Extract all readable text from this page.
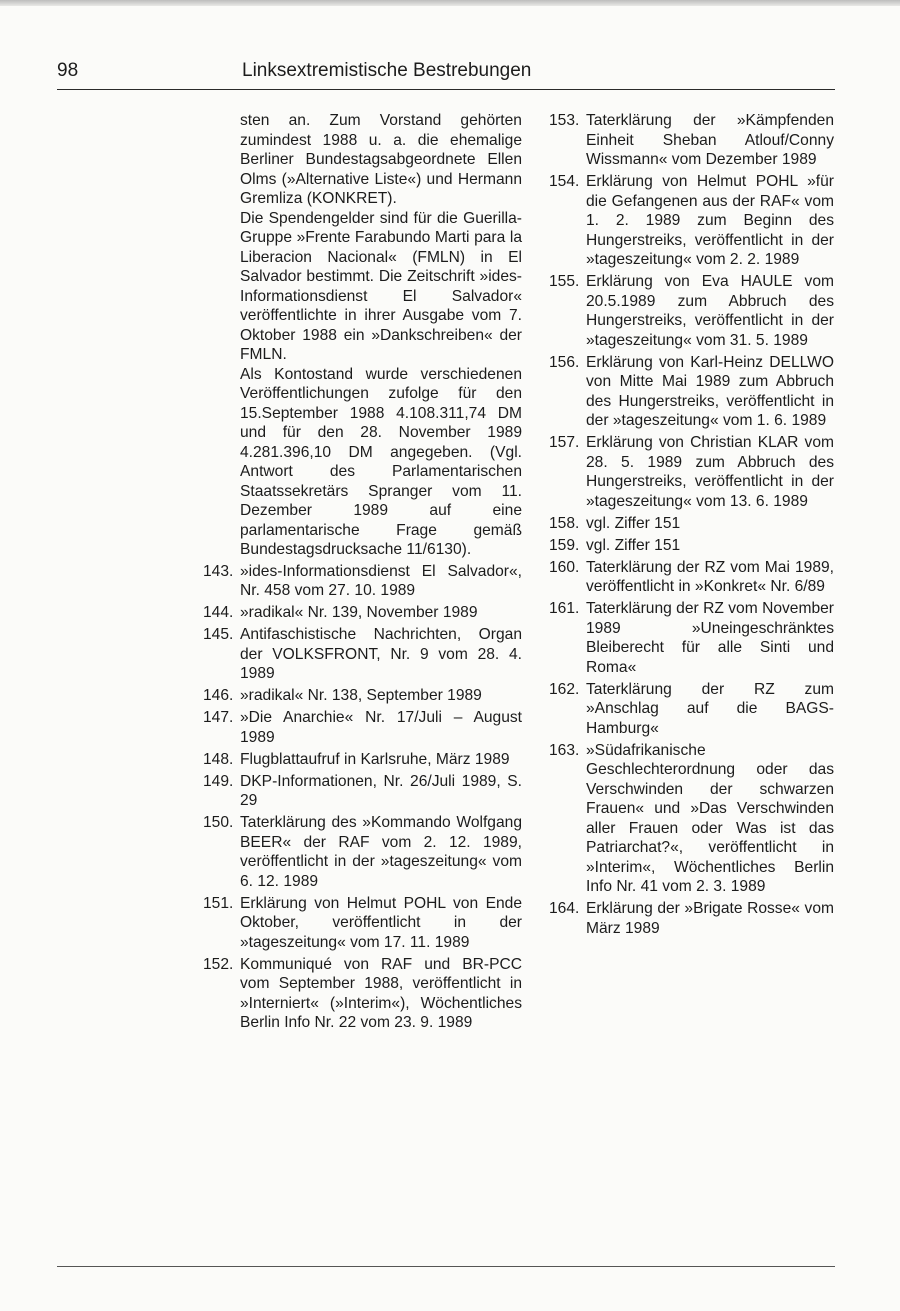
98	Linksextremistische Bestrebungen

sten an. Zum Vorstand gehörten zumindest 1988 u. a. die ehemalige Berliner Bundestagsabgeordnete Ellen Olms (»Alternative Liste«) und Hermann Gremliza (KONKRET).

Die Spendengelder sind für die Guerilla-Gruppe »Frente Farabundo Marti para la Liberacion Nacional« (FMLN) in El Salvador bestimmt. Die Zeitschrift »ides-Informationsdienst El Salvador« veröffentlichte in ihrer Ausgabe vom 7. Oktober 1988 ein »Dankschreiben« der FMLN.

Als Kontostand wurde verschiedenen Veröffentlichungen zufolge für den 15.September 1988 4.108.311,74 DM und für den 28. November 1989 4.281.396,10 DM angegeben. (Vgl. Antwort des Parlamentarischen Staatssekretärs Spranger vom 11. Dezember 1989 auf eine parlamentarische Frage gemäß Bundestagsdrucksache 11/6130).

143. »ides-Informationsdienst El Salvador«, Nr. 458 vom 27. 10. 1989
144. »radikal« Nr. 139, November 1989
145. Antifaschistische Nachrichten, Organ der VOLKSFRONT, Nr. 9 vom 28. 4. 1989
146. »radikal« Nr. 138, September 1989
147. »Die Anarchie« Nr. 17/Juli – August 1989
148. Flugblattaufruf in Karlsruhe, März 1989
149. DKP-Informationen, Nr. 26/Juli 1989, S. 29
150. Taterklärung des »Kommando Wolfgang BEER« der RAF vom 2. 12. 1989, veröffentlicht in der »tageszeitung« vom 6. 12. 1989
151. Erklärung von Helmut POHL von Ende Oktober, veröffentlicht in der »tageszeitung« vom 17. 11. 1989
152. Kommuniqué von RAF und BR-PCC vom September 1988, veröffentlicht in »Interniert« (»Interim«), Wöchentliches Berlin Info Nr. 22 vom 23. 9. 1989
153. Taterklärung der »Kämpfenden Einheit Sheban Atlouf/Conny Wissmann« vom Dezember 1989
154. Erklärung von Helmut POHL »für die Gefangenen aus der RAF« vom 1. 2. 1989 zum Beginn des Hungerstreiks, veröffentlicht in der »tageszeitung« vom 2. 2. 1989
155. Erklärung von Eva HAULE vom 20.5.1989 zum Abbruch des Hungerstreiks, veröffentlicht in der »tageszeitung« vom 31. 5. 1989
156. Erklärung von Karl-Heinz DELLWO von Mitte Mai 1989 zum Abbruch des Hungerstreiks, veröffentlicht in der »tageszeitung« vom 1. 6. 1989
157. Erklärung von Christian KLAR vom 28. 5. 1989 zum Abbruch des Hungerstreiks, veröffentlicht in der »tageszeitung« vom 13. 6. 1989
158. vgl. Ziffer 151
159. vgl. Ziffer 151
160. Taterklärung der RZ vom Mai 1989, veröffentlicht in »Konkret« Nr. 6/89
161. Taterklärung der RZ vom November 1989 »Uneingeschränktes Bleiberecht für alle Sinti und Roma«
162. Taterklärung der RZ zum »Anschlag auf die BAGS-Hamburg«
163. »Südafrikanische Geschlechterordnung oder das Verschwinden der schwarzen Frauen« und »Das Verschwinden aller Frauen oder Was ist das Patriarchat?«, veröffentlicht in »Interim«, Wöchentliches Berlin Info Nr. 41 vom 2. 3. 1989
164. Erklärung der »Brigate Rosse« vom März 1989
